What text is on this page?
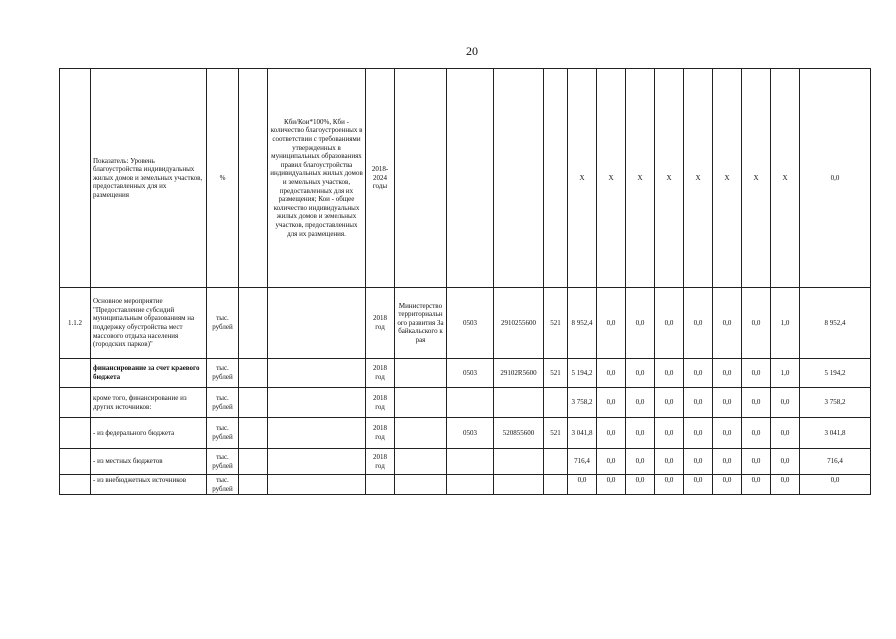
20
	Показатель: Уровень благоустройства индивидуальных жилых домов и земельных участков, предоставленных для их размещения	%		Кби/Кои*100%, Кби - количество благоустроенных в соответствии с требованиями утвержденных в муниципальных образованиях правил благоустройства индивидуальных жилых домов и земельных участков, предоставленных для их размещения; Кои - общее количество индивидуальных жилых домов и земельных участков, предоставленных для их размещения.	2018-2024 годы					X	X	X	X	X	X	X	X	0,0
1.1.2	Основное мероприятие "Предоставление субсидий муниципальным образованиям на поддержку обустройства мест массового отдыха населения (городских парков)"	тыс. рублей			2018 год	Министерство территориального развития Забайкальского края	0503	2910255600	521	8 952,4	0,0	0,0	0,0	0,0	0,0	0,0	1,0	8 952,4
	финансирование за счет краевого бюджета	тыс. рублей			2018 год		0503	29102R5600	521	5 194,2	0,0	0,0	0,0	0,0	0,0	0,0	1,0	5 194,2
	кроме того, финансирование из других источников:	тыс. рублей			2018 год					3 758,2	0,0	0,0	0,0	0,0	0,0	0,0	0,0	3 758,2
	- из федерального бюджета	тыс. рублей			2018 год		0503	520855600	521	3 041,8	0,0	0,0	0,0	0,0	0,0	0,0	0,0	3 041,8
	- из местных бюджетов	тыс. рублей			2018 год					716,4	0,0	0,0	0,0	0,0	0,0	0,0	0,0	716,4
	- из внебюджетных источников	тыс. рублей								0,0	0,0	0,0	0,0	0,0	0,0	0,0	0,0	0,0
